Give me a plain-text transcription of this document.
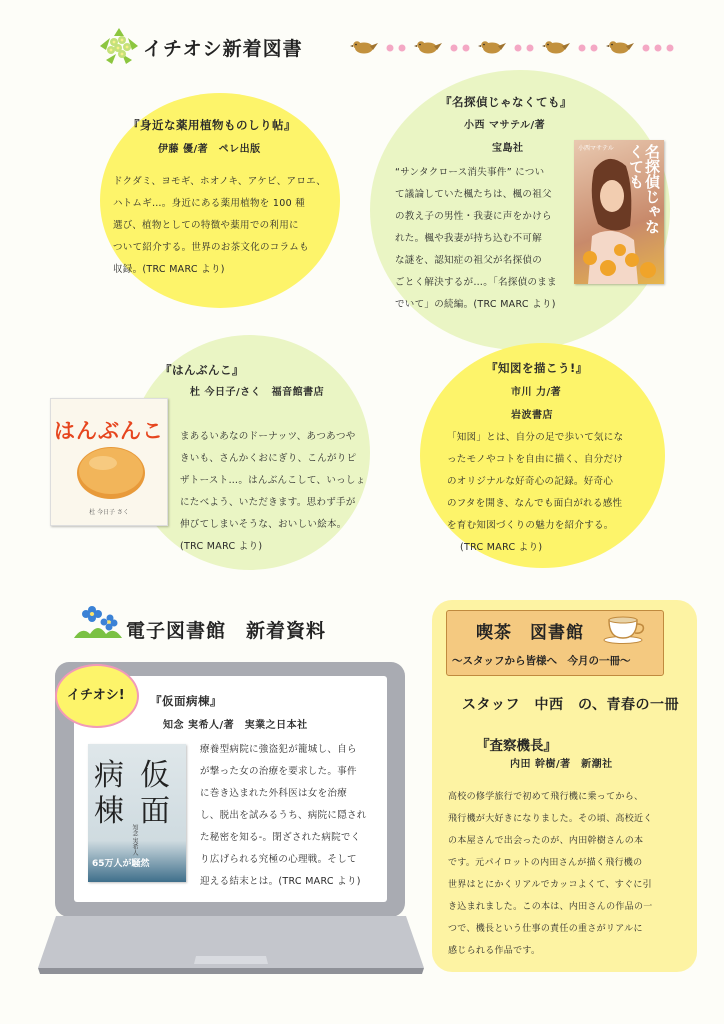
イチオシ新着図書
『身近な薬用植物ものしり帖』
伊藤 優/著　ペレ出版
ドクダミ、ヨモギ、ホオノキ、アケビ、アロエ、
ハトムギ…。身近にある薬用植物を 100 種
選び、植物としての特徴や薬用での利用に
ついて紹介する。世界のお茶文化のコラムも
収録。(TRC MARC より)
『名探偵じゃなくても』
小西 マサテル/著
宝島社
“サンタクロース消失事件” につい
て議論していた楓たちは、楓の祖父
の教え子の男性・我妻に声をかけら
れた。楓や我妻が持ち込む不可解
な謎を、認知症の祖父が名探偵の
ごとく解決するが…。「名探偵のまま
でいて」の続編。(TRC MARC より)
小西マサテル	名探偵じゃなくても
『はんぶんこ』
杜 今日子/さく　福音館書店
まあるいあなのドーナッツ、あつあつや
きいも、さんかくおにぎり、こんがりピ
ザトースト…。はんぶんこして、いっしょ
にたべよう、いただきます。思わず手が
伸びてしまいそうな、おいしい絵本。
(TRC MARC より)
はんぶんこ
杜 今日子 さく
『知図を描こう!』
市川 力/著
岩波書店
「知図」とは、自分の足で歩いて気にな
ったモノやコトを自由に描く、自分だけ
のオリジナルな好奇心の記録。好奇心
のフタを開き、なんでも面白がれる感性
を育む知図づくりの魅力を紹介する。
(TRC MARC より)
電子図書館　新着資料
イチオシ! 『仮面病棟』
知念 実希人/著　実業之日本社
仮
面
病
棟
知念 実希人
65万人が騒然
療養型病院に強盗犯が籠城し、自ら
が撃った女の治療を要求した。事件
に巻き込まれた外科医は女を治療
し、脱出を試みるうち、病院に隠され
た秘密を知る-。閉ざされた病院でく
り広げられる究極の心理戦。そして
迎える結末とは。(TRC MARC より)
喫茶　図書館
～スタッフから皆様へ　今月の一冊～
スタッフ　中西　の、青春の一冊
『査察機長』
内田 幹樹/著　新潮社
高校の修学旅行で初めて飛行機に乗ってから、
飛行機が大好きになりました。その頃、高校近く
の本屋さんで出会ったのが、内田幹樹さんの本
です。元パイロットの内田さんが描く飛行機の
世界はとにかくリアルでカッコよくて、すぐに引
き込まれました。この本は、内田さんの作品の一
つで、機長という仕事の責任の重さがリアルに
感じられる作品です。
